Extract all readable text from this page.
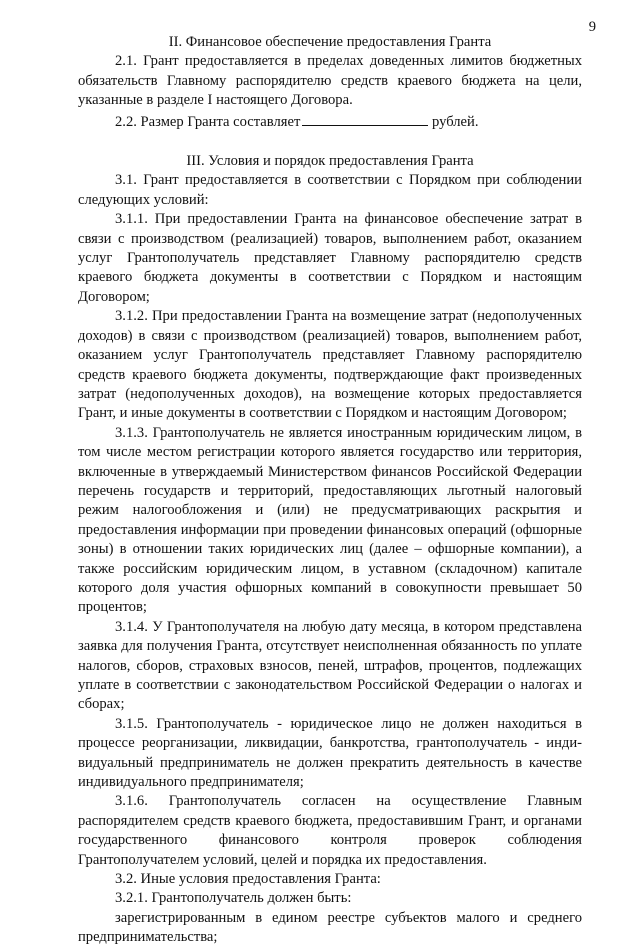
9

II. Финансовое обеспечение предоставления Гранта

2.1. Грант предоставляется в пределах доведенных лимитов бюджетных обязательств Главному распорядителю средств краевого бюджета на цели, указанные в разделе I настоящего Договора.

2.2. Размер Гранта составляет	рублей.

III. Условия и порядок предоставления Гранта

3.1. Грант предоставляется в соответствии с Порядком при соблюдении следующих условий:

3.1.1. При предоставлении Гранта на финансовое обеспечение затрат в связи с производством (реализацией) товаров, выполнением работ, оказанием услуг Грантополучатель представляет Главному распорядителю средств краевого бюджета документы в соответствии с Порядком и настоящим Договором;

3.1.2. При предоставлении Гранта на возмещение затрат (недополученных доходов) в связи с производством (реализацией) товаров, выполнением работ, оказанием услуг Грантополучатель представляет Главному распорядителю средств краевого бюджета документы, подтверждающие факт произведенных затрат (недополученных доходов), на возмещение которых предоставляется Грант, и иные документы в соответствии с Порядком и настоящим Договором;

3.1.3. Грантополучатель не является иностранным юридическим лицом, в том числе местом регистрации которого является государство или территория, включенные в утверждаемый Министерством финансов Российской Федерации перечень государств и территорий, предоставляющих льготный налоговый режим налогообложения и (или) не предусматривающих раскрытия и предоставления информации при проведении финансовых операций (офшорные зоны) в отношении таких юридических лиц (далее – офшорные компании), а также российским юридическим лицом, в уставном (складочном) капитале которого доля участия офшорных компаний в совокупности превышает 50 процентов;

3.1.4. У Грантополучателя на любую дату месяца, в котором представлена заявка для получения Гранта, отсутствует неисполненная обязанность по уплате налогов, сборов, страховых взносов, пеней, штрафов, процентов, подлежащих уплате в соответствии с законодательством Российской Федерации о налогах и сборах;

3.1.5. Грантополучатель - юридическое лицо не должен находиться в процессе реорганизации, ликвидации, банкротства, грантополучатель - индивидуальный предприниматель не должен прекратить деятельность в качестве индивидуального предпринимателя;

3.1.6. Грантополучатель согласен на осуществление Главным распорядителем средств краевого бюджета, предоставившим Грант, и органами государственного финансового контроля проверок соблюдения Грантополучателем условий, целей и порядка их предоставления.

3.2. Иные условия предоставления Гранта:

3.2.1. Грантополучатель должен быть:

зарегистрированным в едином реестре субъектов малого и среднего предпринимательства;
